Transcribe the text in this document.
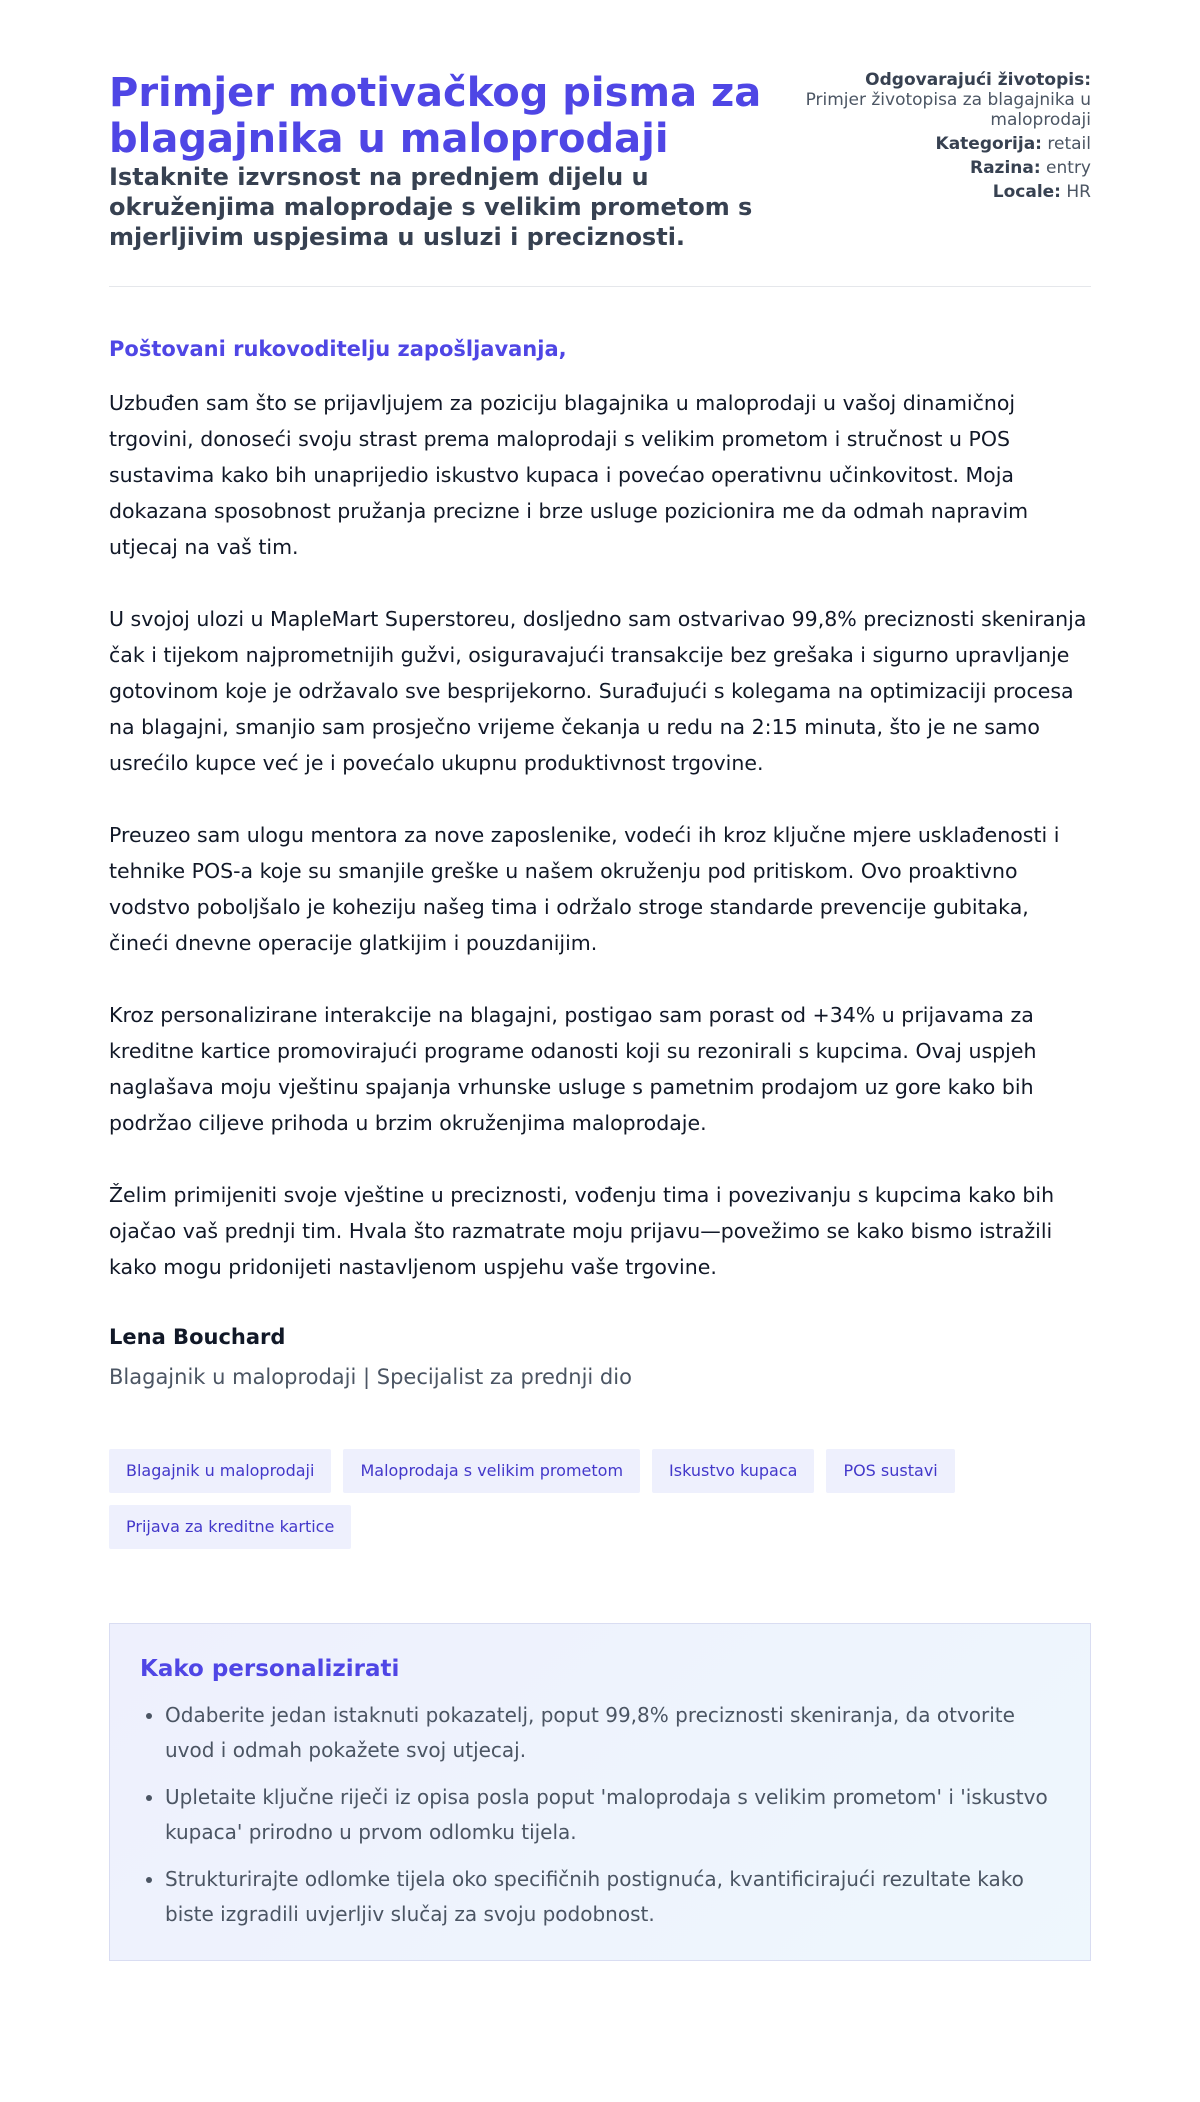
Primjer motivačkog pisma za blagajnika u maloprodaji
Istaknite izvrsnost na prednjem dijelu u okruženjima maloprodaje s velikim prometom s mjerljivim uspjesima u usluzi i preciznosti.
Odgovarajući životopis:
Primjer životopisa za blagajnika u maloprodaji
Kategorija: retail
Razina: entry
Locale: HR
Poštovani rukovoditelju zapošljavanja,

Uzbuđen sam što se prijavljujem za poziciju blagajnika u maloprodaji u vašoj dinamičnoj trgovini, donoseći svoju strast prema maloprodaji s velikim prometom i stručnost u POS sustavima kako bih unaprijedio iskustvo kupaca i povećao operativnu učinkovitost. Moja dokazana sposobnost pružanja precizne i brze usluge pozicionira me da odmah napravim utjecaj na vaš tim.

U svojoj ulozi u MapleMart Superstoreu, dosljedno sam ostvarivao 99,8% preciznosti skeniranja čak i tijekom najprometnijih gužvi, osiguravajući transakcije bez grešaka i sigurno upravljanje gotovinom koje je održavalo sve besprijekorno. Surađujući s kolegama na optimizaciji procesa na blagajni, smanjio sam prosječno vrijeme čekanja u redu na 2:15 minuta, što je ne samo usrećilo kupce već je i povećalo ukupnu produktivnost trgovine.

Preuzeo sam ulogu mentora za nove zaposlenike, vodeći ih kroz ključne mjere usklađenosti i tehnike POS-a koje su smanjile greške u našem okruženju pod pritiskom. Ovo proaktivno vodstvo poboljšalo je koheziju našeg tima i održalo stroge standarde prevencije gubitaka, čineći dnevne operacije glatkijim i pouzdanijim.

Kroz personalizirane interakcije na blagajni, postigao sam porast od +34% u prijavama za kreditne kartice promovirajući programe odanosti koji su rezonirali s kupcima. Ovaj uspjeh naglašava moju vještinu spajanja vrhunske usluge s pametnim prodajom uz gore kako bih podržao ciljeve prihoda u brzim okruženjima maloprodaje.

Želim primijeniti svoje vještine u preciznosti, vođenju tima i povezivanju s kupcima kako bih ojačao vaš prednji tim. Hvala što razmatrate moju prijavu—povežimo se kako bismo istražili kako mogu pridonijeti nastavljenom uspjehu vaše trgovine.

Lena Bouchard
Blagajnik u maloprodaji | Specijalist za prednji dio
Blagajnik u maloprodaji	Maloprodaja s velikim prometom	Iskustvo kupaca	POS sustavi
Prijava za kreditne kartice
Kako personalizirati
• Odaberite jedan istaknuti pokazatelj, poput 99,8% preciznosti skeniranja, da otvorite uvod i odmah pokažete svoj utjecaj.
• Upletaite ključne riječi iz opisa posla poput 'maloprodaja s velikim prometom' i 'iskustvo kupaca' prirodno u prvom odlomku tijela.
• Strukturirajte odlomke tijela oko specifičnih postignuća, kvantificirajući rezultate kako biste izgradili uvjerljiv slučaj za svoju podobnost.
